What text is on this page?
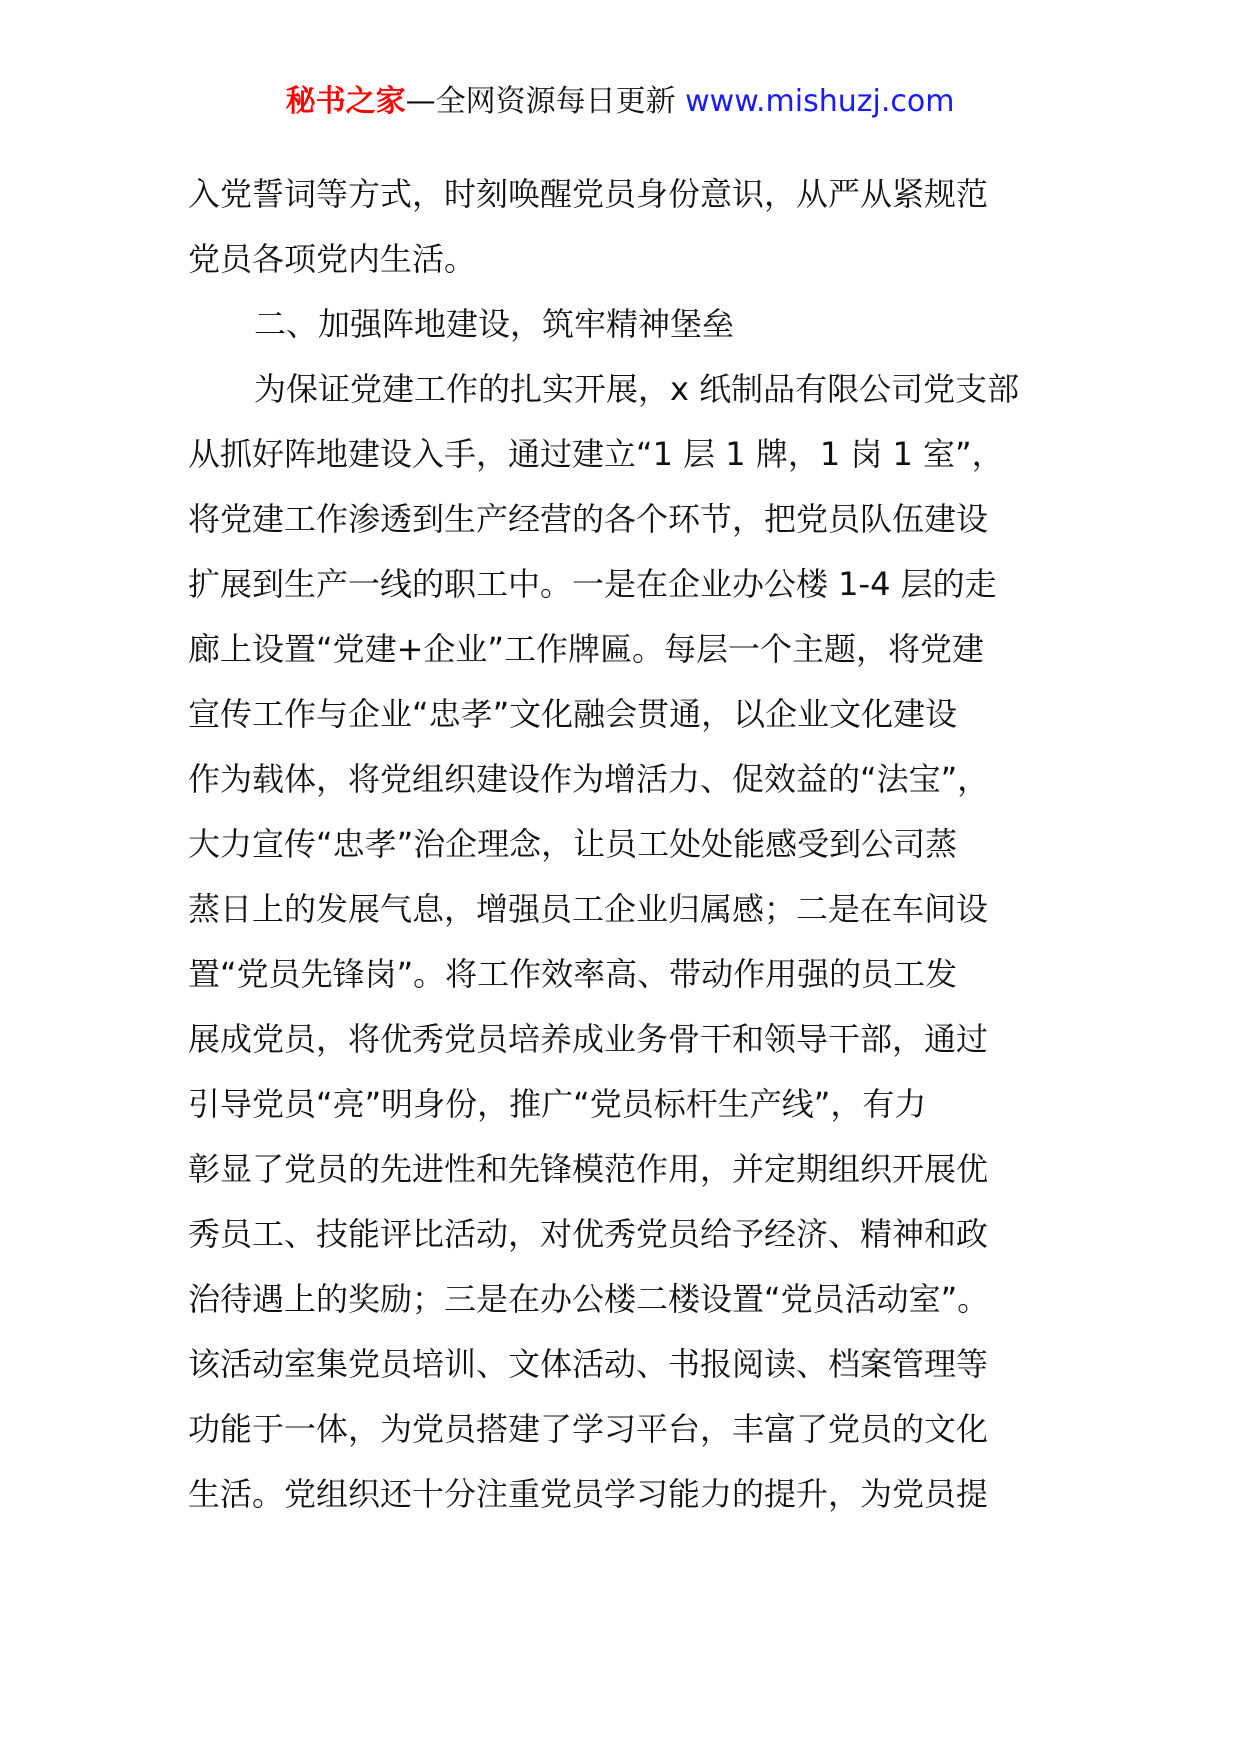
秘书之家—全网资源每日更新 www.mishuzj.com
入党誓词等方式，时刻唤醒党员身份意识，从严从紧规范
党员各项党内生活。
二、加强阵地建设，筑牢精神堡垒
为保证党建工作的扎实开展，x 纸制品有限公司党支部
从抓好阵地建设入手，通过建立“1 层 1 牌，1 岗 1 室”，
将党建工作渗透到生产经营的各个环节，把党员队伍建设
扩展到生产一线的职工中。一是在企业办公楼 1-4 层的走
廊上设置“党建+企业”工作牌匾。每层一个主题，将党建
宣传工作与企业“忠孝”文化融会贯通，以企业文化建设
作为载体，将党组织建设作为增活力、促效益的“法宝”，
大力宣传“忠孝”治企理念，让员工处处能感受到公司蒸
蒸日上的发展气息，增强员工企业归属感；二是在车间设
置“党员先锋岗”。将工作效率高、带动作用强的员工发
展成党员，将优秀党员培养成业务骨干和领导干部，通过
引导党员“亮”明身份，推广“党员标杆生产线”，有力
彰显了党员的先进性和先锋模范作用，并定期组织开展优
秀员工、技能评比活动，对优秀党员给予经济、精神和政
治待遇上的奖励；三是在办公楼二楼设置“党员活动室”。
该活动室集党员培训、文体活动、书报阅读、档案管理等
功能于一体，为党员搭建了学习平台，丰富了党员的文化
生活。党组织还十分注重党员学习能力的提升，为党员提
